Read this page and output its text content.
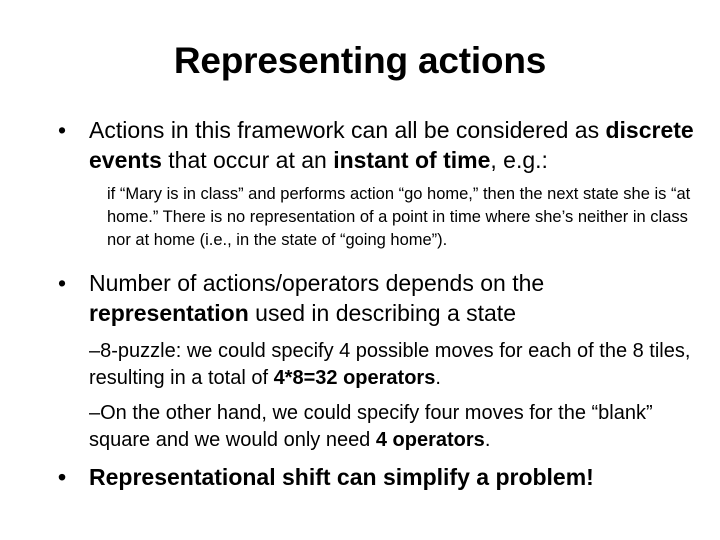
Representing actions
• Actions in this framework can all be considered as discrete events that occur at an instant of time, e.g.:
if “Mary is in class” and performs action “go home,” then the next state she is “at home.” There is no representation of a point in time where she’s neither in class nor at home (i.e., in the state of “going home”).
• Number of actions/operators depends on the representation used in describing a state
–8-puzzle: we could specify 4 possible moves for each of the 8 tiles, resulting in a total of 4*8=32 operators.
–On the other hand, we could specify four moves for the “blank” square and we would only need 4 operators.
• Representational shift can simplify a problem!
